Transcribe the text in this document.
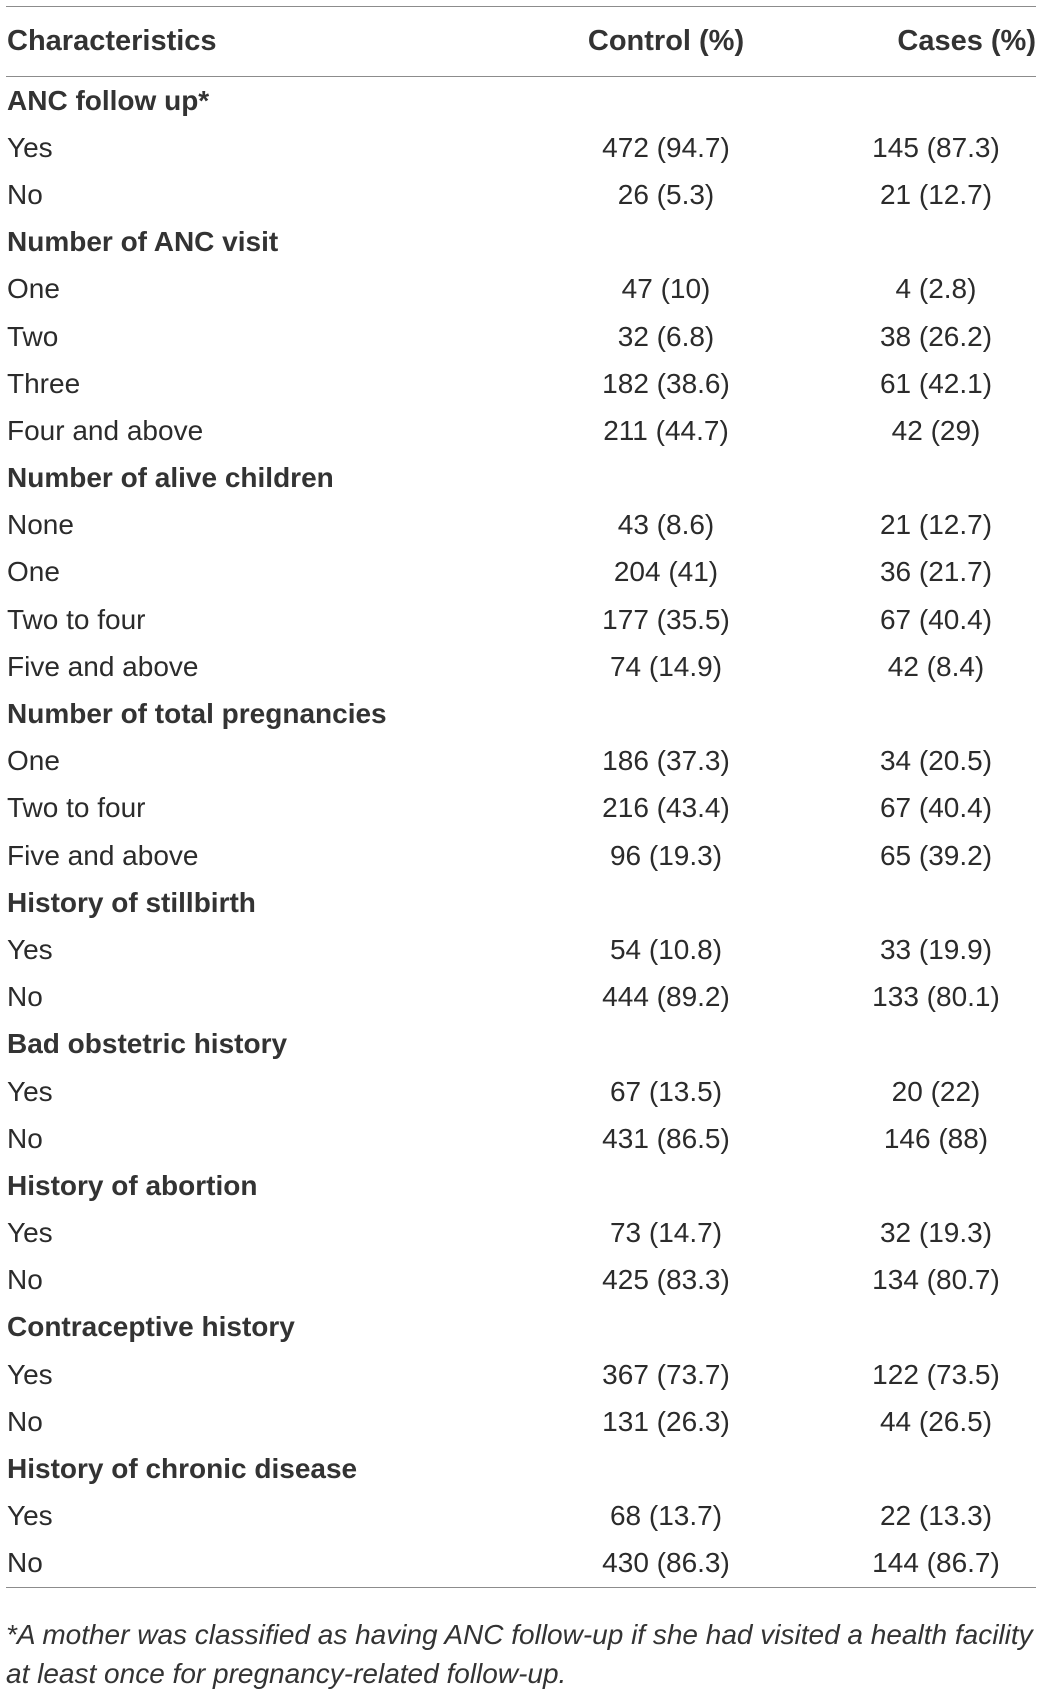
Characteristics	Control (%)	Cases (%)
ANC follow up*		
Yes	472 (94.7)	145 (87.3)
No	26 (5.3)	21 (12.7)
Number of ANC visit		
One	47 (10)	4 (2.8)
Two	32 (6.8)	38 (26.2)
Three	182 (38.6)	61 (42.1)
Four and above	211 (44.7)	42 (29)
Number of alive children		
None	43 (8.6)	21 (12.7)
One	204 (41)	36 (21.7)
Two to four	177 (35.5)	67 (40.4)
Five and above	74 (14.9)	42 (8.4)
Number of total pregnancies		
One	186 (37.3)	34 (20.5)
Two to four	216 (43.4)	67 (40.4)
Five and above	96 (19.3)	65 (39.2)
History of stillbirth		
Yes	54 (10.8)	33 (19.9)
No	444 (89.2)	133 (80.1)
Bad obstetric history		
Yes	67 (13.5)	20 (22)
No	431 (86.5)	146 (88)
History of abortion		
Yes	73 (14.7)	32 (19.3)
No	425 (83.3)	134 (80.7)
Contraceptive history		
Yes	367 (73.7)	122 (73.5)
No	131 (26.3)	44 (26.5)
History of chronic disease		
Yes	68 (13.7)	22 (13.3)
No	430 (86.3)	144 (86.7)
*A mother was classified as having ANC follow-up if she had visited a health facility at least once for pregnancy-related follow-up.
